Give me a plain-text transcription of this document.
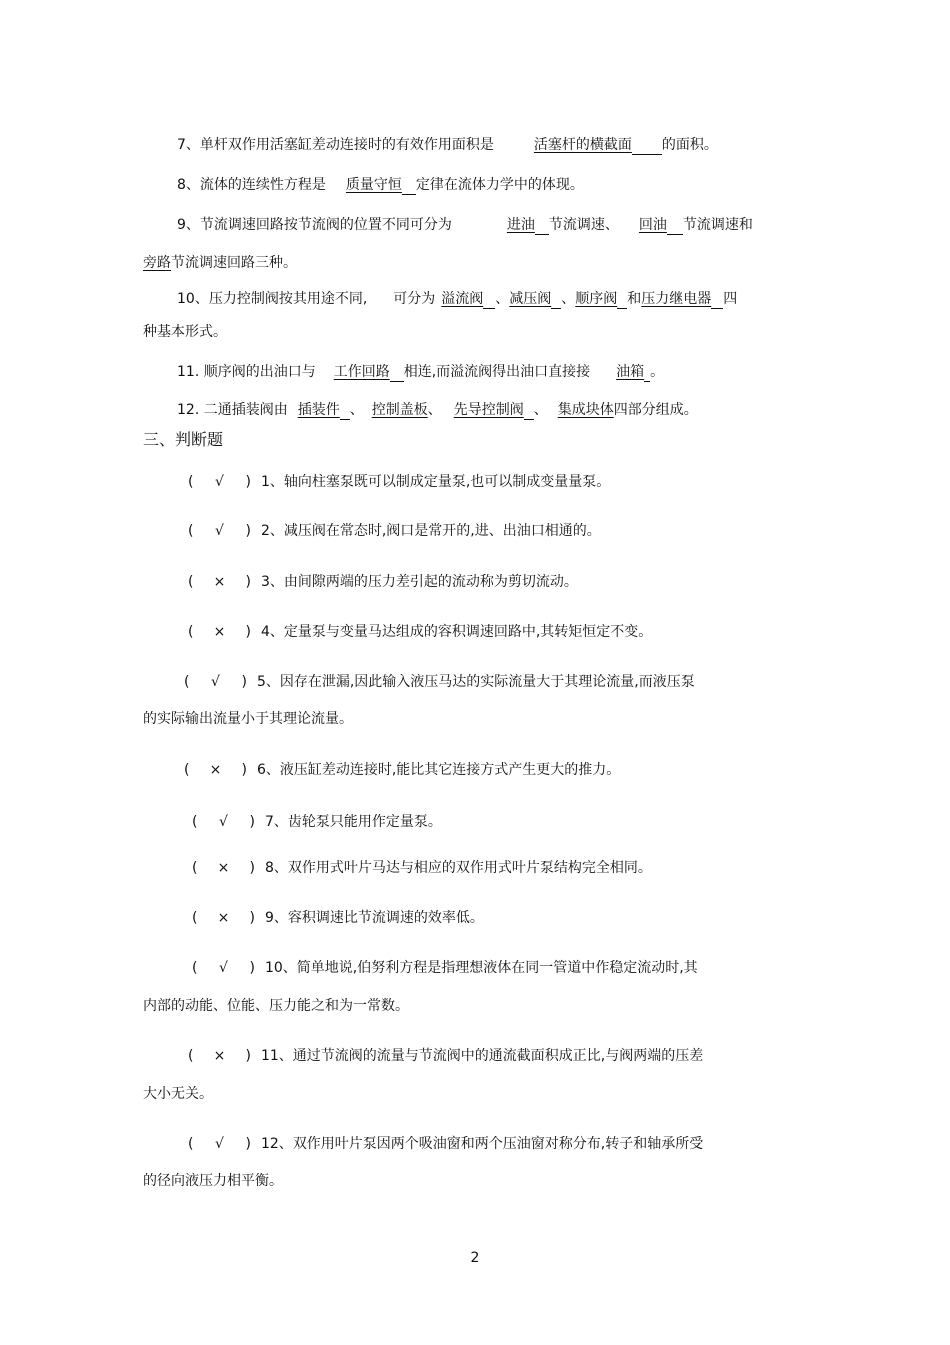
7、单杆双作用活塞缸差动连接时的有效作用面积是	活塞杆的横截面 的面积。
8、流体的连续性方程是 质量守恒 定律在流体力学中的体现。
9、节流调速回路按节流阀的位置不同可分为	进油 节流调速、 回油 节流调速和
旁路节流调速回路三种。
10、压力控制阀按其用途不同, 可分为 溢流阀 、减压阀 、顺序阀 和压力继电器 四
种基本形式。
11. 顺序阀的出油口与 工作回路 相连,而溢流阀得出油口直接接 油箱 。
12. 二通插装阀由 插装件 、 控制盖板、 先导控制阀 、 集成块体四部分组成。
三、判断题
( √ ) 1、轴向柱塞泵既可以制成定量泵,也可以制成变量量泵。
( √ ) 2、减压阀在常态时,阀口是常开的,进、出油口相通的。
( × ) 3、由间隙两端的压力差引起的流动称为剪切流动。
( × ) 4、定量泵与变量马达组成的容积调速回路中,其转矩恒定不变。
( √ ) 5、因存在泄漏,因此输入液压马达的实际流量大于其理论流量,而液压泵
的实际输出流量小于其理论流量。
( × ) 6、液压缸差动连接时,能比其它连接方式产生更大的推力。
( √ ) 7、齿轮泵只能用作定量泵。
( × ) 8、双作用式叶片马达与相应的双作用式叶片泵结构完全相同。
( × ) 9、容积调速比节流调速的效率低。
( √ ) 10、简单地说,伯努利方程是指理想液体在同一管道中作稳定流动时,其
内部的动能、位能、压力能之和为一常数。
( × ) 11、通过节流阀的流量与节流阀中的通流截面积成正比,与阀两端的压差
大小无关。
( √ ) 12、双作用叶片泵因两个吸油窗和两个压油窗对称分布,转子和轴承所受
的径向液压力相平衡。
2
